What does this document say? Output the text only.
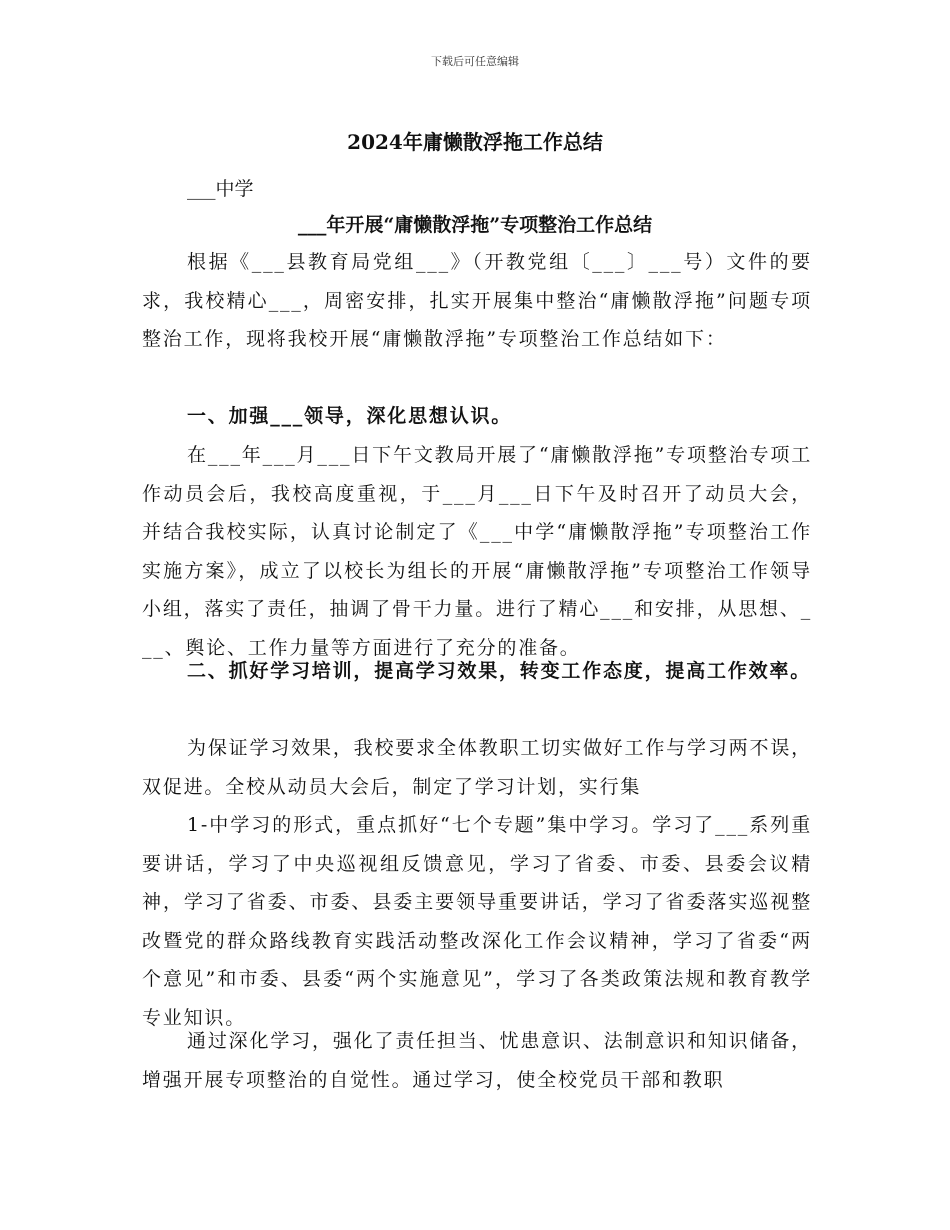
下载后可任意编辑
2024年庸懒散浮拖工作总结
___中学
___年开展“庸懒散浮拖”专项整治工作总结

根据《___县教育局党组___》（开教党组〔___〕___号）文件的要求，我校精心___，周密安排，扎实开展集中整治“庸懒散浮拖”问题专项整治工作，现将我校开展“庸懒散浮拖”专项整治工作总结如下：

一、加强___领导，深化思想认识。

在___年___月___日下午文教局开展了“庸懒散浮拖”专项整治专项工作动员会后，我校高度重视，于___月___日下午及时召开了动员大会，并结合我校实际，认真讨论制定了《___中学“庸懒散浮拖”专项整治工作实施方案》，成立了以校长为组长的开展“庸懒散浮拖”专项整治工作领导小组，落实了责任，抽调了骨干力量。进行了精心___和安排，从思想、___、舆论、工作力量等方面进行了充分的准备。

二、抓好学习培训，提高学习效果，转变工作态度，提高工作效率。

为保证学习效果，我校要求全体教职工切实做好工作与学习两不误，双促进。全校从动员大会后，制定了学习计划，实行集

1-中学习的形式，重点抓好“七个专题”集中学习。学习了___系列重要讲话，学习了中央巡视组反馈意见，学习了省委、市委、县委会议精神，学习了省委、市委、县委主要领导重要讲话，学习了省委落实巡视整改暨党的群众路线教育实践活动整改深化工作会议精神，学习了省委“两个意见”和市委、县委“两个实施意见”，学习了各类政策法规和教育教学专业知识。

通过深化学习，强化了责任担当、忧患意识、法制意识和知识储备，增强开展专项整治的自觉性。通过学习，使全校党员干部和教职
